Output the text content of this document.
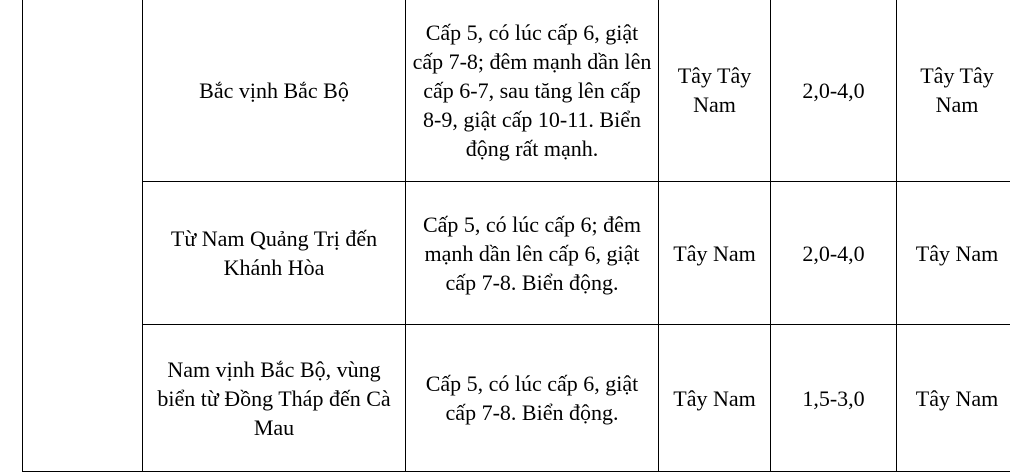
	Bắc vịnh Bắc Bộ	Cấp 5, có lúc cấp 6, giật cấp 7-8; đêm mạnh dần lên cấp 6-7, sau tăng lên cấp 8-9, giật cấp 10-11. Biển động rất mạnh.	Tây Tây Nam	2,0-4,0	Tây Tây Nam
	Từ Nam Quảng Trị đến Khánh Hòa	Cấp 5, có lúc cấp 6; đêm mạnh dần lên cấp 6, giật cấp 7-8. Biển động.	Tây Nam	2,0-4,0	Tây Nam
	Nam vịnh Bắc Bộ, vùng biển từ Đồng Tháp đến Cà Mau	Cấp 5, có lúc cấp 6, giật cấp 7-8. Biển động.	Tây Nam	1,5-3,0	Tây Nam
